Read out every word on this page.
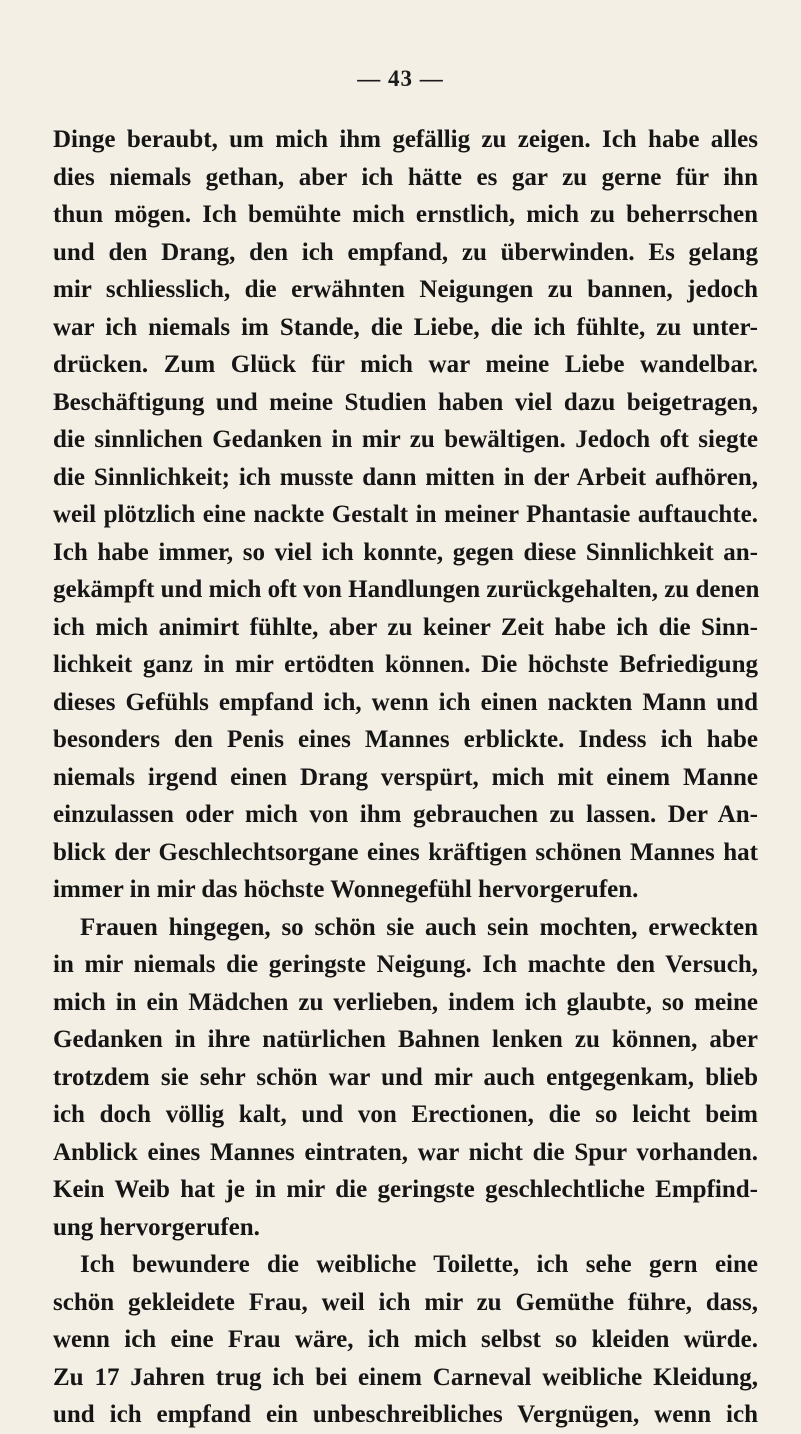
— 43 —
Dinge beraubt, um mich ihm gefällig zu zeigen. Ich habe alles
dies niemals gethan, aber ich hätte es gar zu gerne für ihn
thun mögen. Ich bemühte mich ernstlich, mich zu beherrschen
und den Drang, den ich empfand, zu überwinden. Es gelang
mir schliesslich, die erwähnten Neigungen zu bannen, jedoch
war ich niemals im Stande, die Liebe, die ich fühlte, zu unter-
drücken. Zum Glück für mich war meine Liebe wandelbar.
Beschäftigung und meine Studien haben viel dazu beigetragen,
die sinnlichen Gedanken in mir zu bewältigen. Jedoch oft siegte
die Sinnlichkeit; ich musste dann mitten in der Arbeit aufhören,
weil plötzlich eine nackte Gestalt in meiner Phantasie auftauchte.
Ich habe immer, so viel ich konnte, gegen diese Sinnlichkeit an-
gekämpft und mich oft von Handlungen zurückgehalten, zu denen
ich mich animirt fühlte, aber zu keiner Zeit habe ich die Sinn-
lichkeit ganz in mir ertödten können. Die höchste Befriedigung
dieses Gefühls empfand ich, wenn ich einen nackten Mann und
besonders den Penis eines Mannes erblickte. Indess ich habe
niemals irgend einen Drang verspürt, mich mit einem Manne
einzulassen oder mich von ihm gebrauchen zu lassen. Der An-
blick der Geschlechtsorgane eines kräftigen schönen Mannes hat
immer in mir das höchste Wonnegefühl hervorgerufen.
Frauen hingegen, so schön sie auch sein mochten, erweckten
in mir niemals die geringste Neigung. Ich machte den Versuch,
mich in ein Mädchen zu verlieben, indem ich glaubte, so meine
Gedanken in ihre natürlichen Bahnen lenken zu können, aber
trotzdem sie sehr schön war und mir auch entgegenkam, blieb
ich doch völlig kalt, und von Erectionen, die so leicht beim
Anblick eines Mannes eintraten, war nicht die Spur vorhanden.
Kein Weib hat je in mir die geringste geschlechtliche Empfind-
ung hervorgerufen.
Ich bewundere die weibliche Toilette, ich sehe gern eine
schön gekleidete Frau, weil ich mir zu Gemüthe führe, dass,
wenn ich eine Frau wäre, ich mich selbst so kleiden würde.
Zu 17 Jahren trug ich bei einem Carneval weibliche Kleidung,
und ich empfand ein unbeschreibliches Vergnügen, wenn ich
